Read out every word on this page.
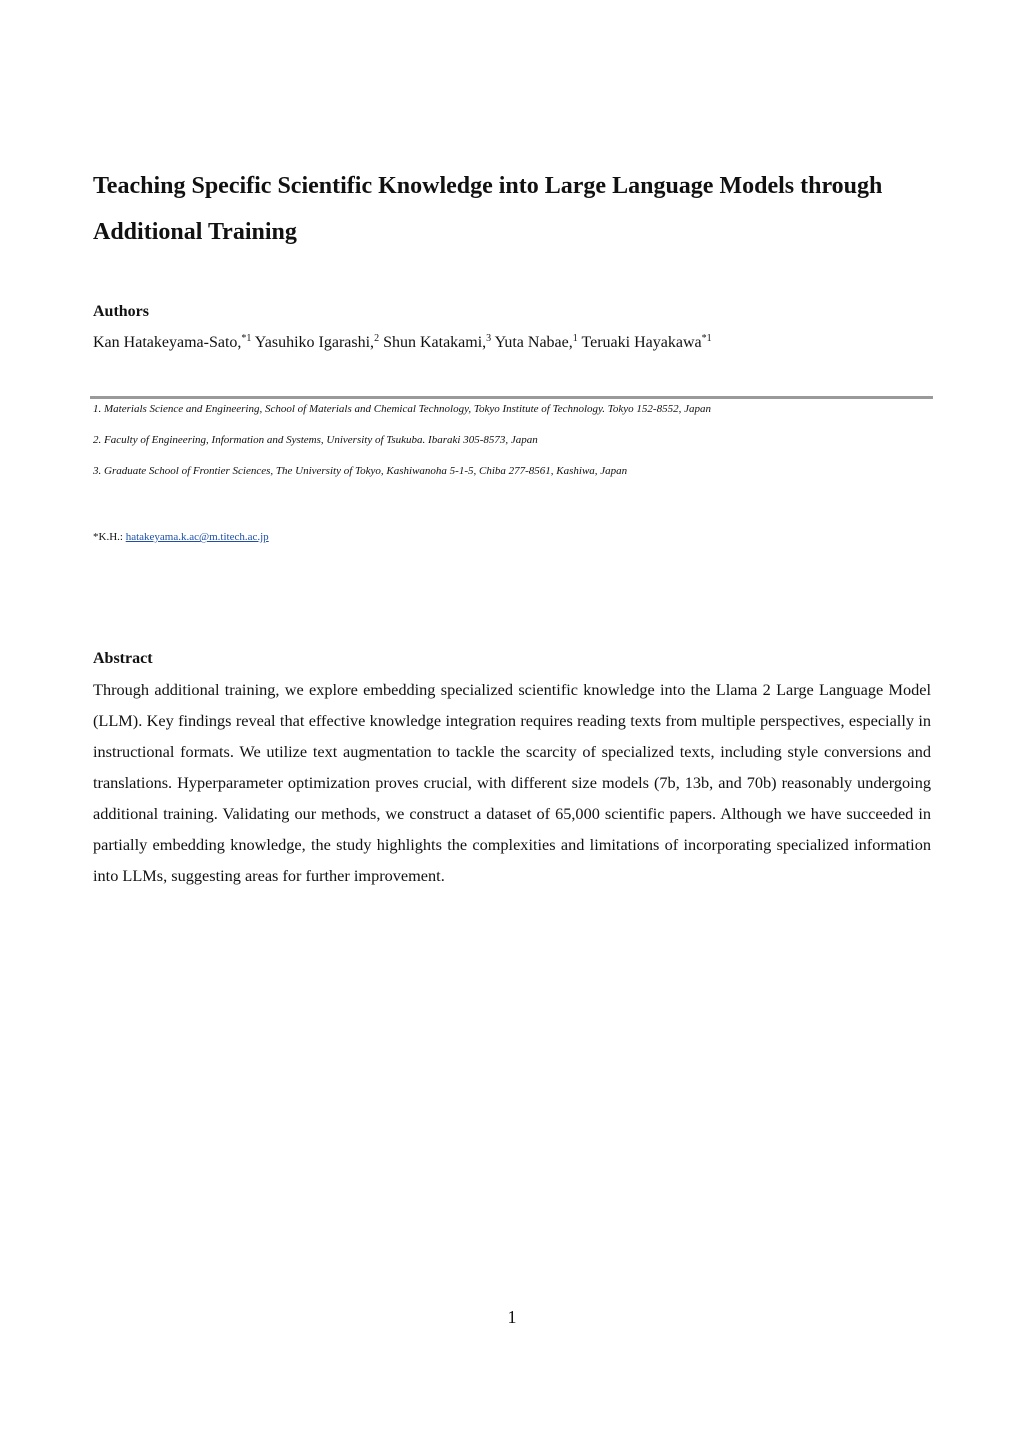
Teaching Specific Scientific Knowledge into Large Language Models through Additional Training
Authors
Kan Hatakeyama-Sato,$^{*1}$ Yasuhiko Igarashi,$^2$ Shun Katakami,$^3$ Yuta Nabae,$^1$ Teruaki Hayakawa$^{*1}$
1. Materials Science and Engineering, School of Materials and Chemical Technology, Tokyo Institute of Technology. Tokyo 152-8552, Japan
2. Faculty of Engineering, Information and Systems, University of Tsukuba. Ibaraki 305-8573, Japan
3. Graduate School of Frontier Sciences, The University of Tokyo, Kashiwanoha 5-1-5, Chiba 277-8561, Kashiwa, Japan
*K.H.: hatakeyama.k.ac@m.titech.ac.jp
Abstract

Through additional training, we explore embedding specialized scientific knowledge into the Llama 2 Large Language Model (LLM). Key findings reveal that effective knowledge integration requires reading texts from multiple perspectives, especially in instructional formats. We utilize text augmentation to tackle the scarcity of specialized texts, including style conversions and translations. Hyperparameter optimization proves crucial, with different size models (7b, 13b, and 70b) reasonably undergoing additional training. Validating our methods, we construct a dataset of 65,000 scientific papers. Although we have succeeded in partially embedding knowledge, the study highlights the complexities and limitations of incorporating specialized information into LLMs, suggesting areas for further improvement.

1
